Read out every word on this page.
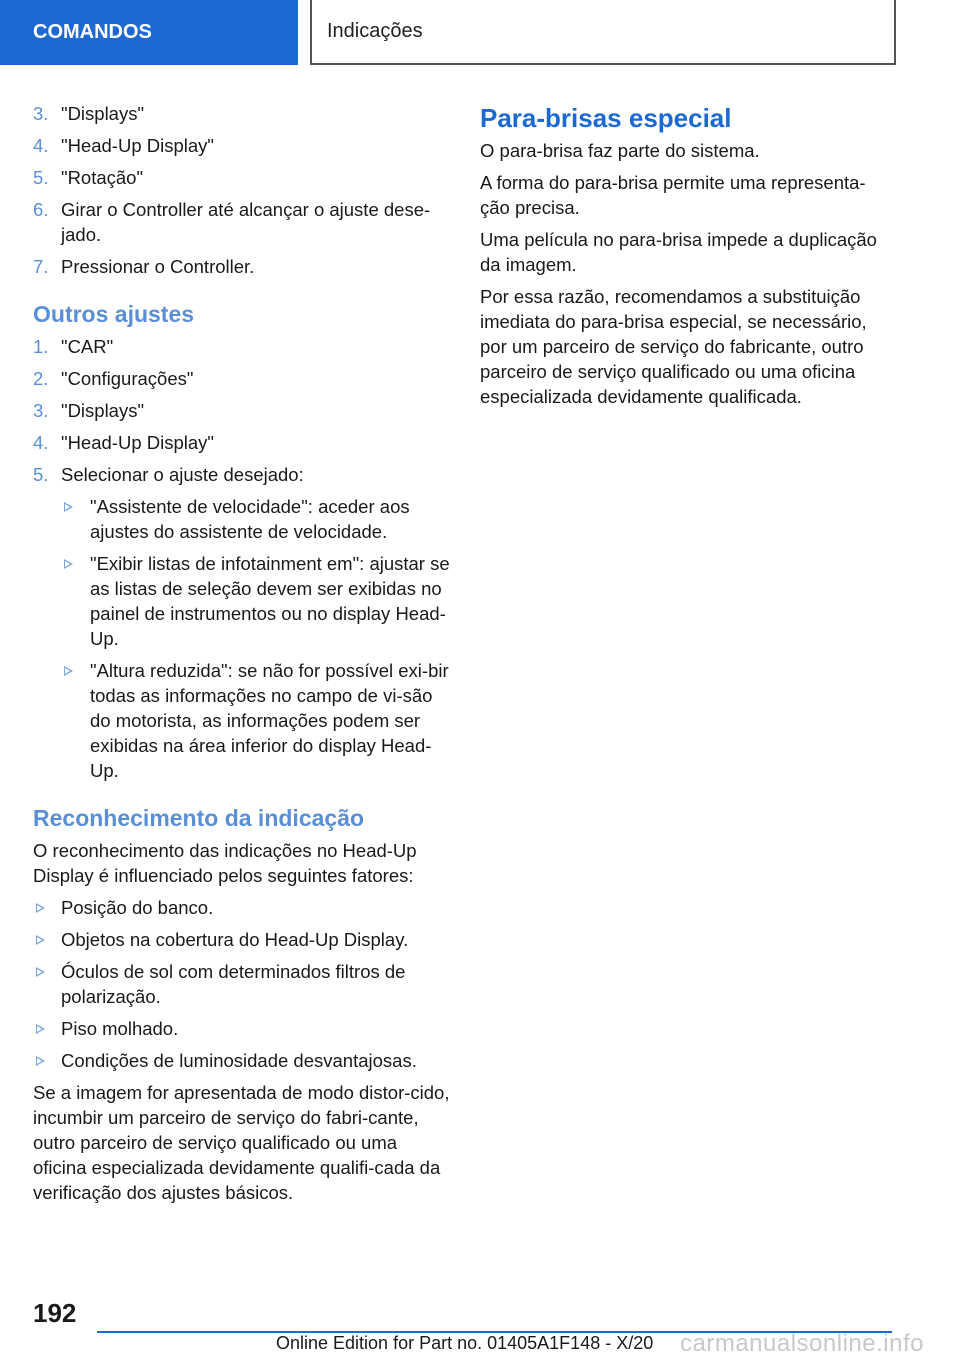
COMANDOS	Indicações
3. "Displays"
4. "Head-Up Display"
5. "Rotação"
6. Girar o Controller até alcançar o ajuste dese-jado.
7. Pressionar o Controller.
Outros ajustes
1. "CAR"
2. "Configurações"
3. "Displays"
4. "Head-Up Display"
5. Selecionar o ajuste desejado:
"Assistente de velocidade": aceder aos ajustes do assistente de velocidade.
"Exibir listas de infotainment em": ajustar se as listas de seleção devem ser exibidas no painel de instrumentos ou no display Head-Up.
"Altura reduzida": se não for possível exi-bir todas as informações no campo de vi-são do motorista, as informações podem ser exibidas na área inferior do display Head-Up.
Reconhecimento da indicação

O reconhecimento das indicações no Head-Up Display é influenciado pelos seguintes fatores:

Posição do banco.
Objetos na cobertura do Head-Up Display.
Óculos de sol com determinados filtros de polarização.
Piso molhado.
Condições de luminosidade desvantajosas.

Se a imagem for apresentada de modo distor-cido, incumbir um parceiro de serviço do fabri-cante, outro parceiro de serviço qualificado ou uma oficina especializada devidamente qualifi-cada da verificação dos ajustes básicos.

Para-brisas especial

O para-brisa faz parte do sistema.

A forma do para-brisa permite uma representa-ção precisa.

Uma película no para-brisa impede a duplicação da imagem.

Por essa razão, recomendamos a substituição imediata do para-brisa especial, se necessário, por um parceiro de serviço do fabricante, outro parceiro de serviço qualificado ou uma oficina especializada devidamente qualificada.

192
Online Edition for Part no. 01405A1F148 - X/20 carmanualsonline.info
